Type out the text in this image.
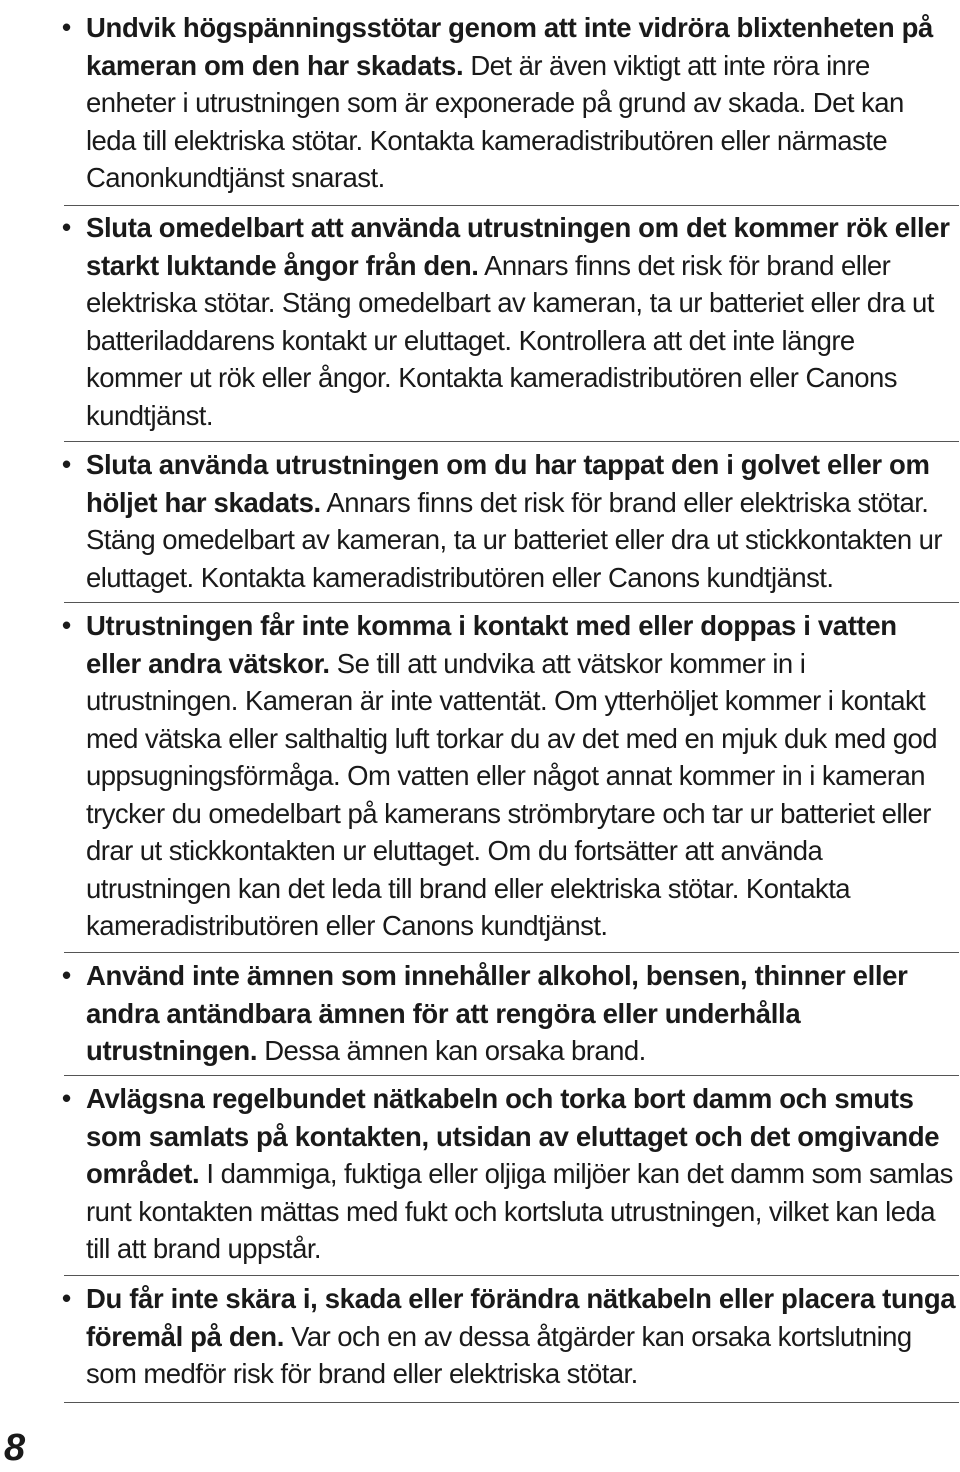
• Undvik högspänningsstötar genom att inte vidröra blixtenheten på kameran om den har skadats. Det är även viktigt att inte röra inre enheter i utrustningen som är exponerade på grund av skada. Det kan leda till elektriska stötar. Kontakta kameradistributören eller närmaste Canonkundtjänst snarast.
• Sluta omedelbart att använda utrustningen om det kommer rök eller starkt luktande ångor från den. Annars finns det risk för brand eller elektriska stötar. Stäng omedelbart av kameran, ta ur batteriet eller dra ut batteriladdarens kontakt ur eluttaget. Kontrollera att det inte längre kommer ut rök eller ångor. Kontakta kameradistributören eller Canons kundtjänst.
• Sluta använda utrustningen om du har tappat den i golvet eller om höljet har skadats. Annars finns det risk för brand eller elektriska stötar. Stäng omedelbart av kameran, ta ur batteriet eller dra ut stickkontakten ur eluttaget. Kontakta kameradistributören eller Canons kundtjänst.
• Utrustningen får inte komma i kontakt med eller doppas i vatten eller andra vätskor. Se till att undvika att vätskor kommer in i utrustningen. Kameran är inte vattentät. Om ytterhöljet kommer i kontakt med vätska eller salthaltig luft torkar du av det med en mjuk duk med god uppsugningsförmåga. Om vatten eller något annat kommer in i kameran trycker du omedelbart på kamerans strömbrytare och tar ur batteriet eller drar ut stickkontakten ur eluttaget. Om du fortsätter att använda utrustningen kan det leda till brand eller elektriska stötar. Kontakta kameradistributören eller Canons kundtjänst.
• Använd inte ämnen som innehåller alkohol, bensen, thinner eller andra antändbara ämnen för att rengöra eller underhålla utrustningen. Dessa ämnen kan orsaka brand.
• Avlägsna regelbundet nätkabeln och torka bort damm och smuts som samlats på kontakten, utsidan av eluttaget och det omgivande området. I dammiga, fuktiga eller oljiga miljöer kan det damm som samlas runt kontakten mättas med fukt och kortsluta utrustningen, vilket kan leda till att brand uppstår.
• Du får inte skära i, skada eller förändra nätkabeln eller placera tunga föremål på den. Var och en av dessa åtgärder kan orsaka kortslutning som medför risk för brand eller elektriska stötar.
8
